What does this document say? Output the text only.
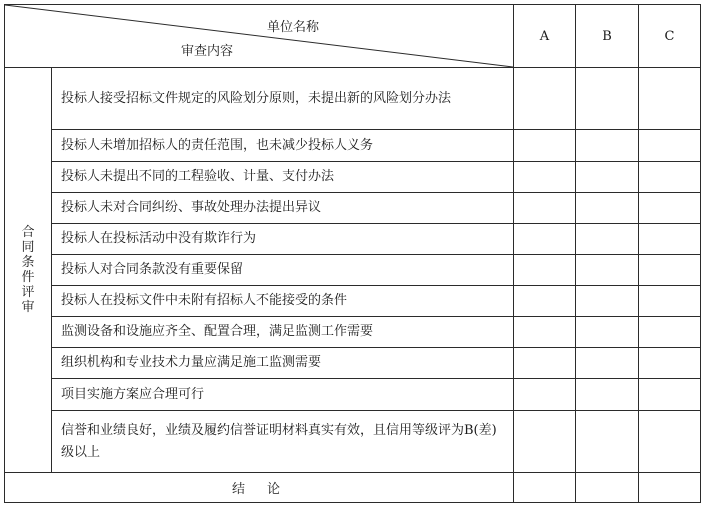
单位名称
审查内容		A	B	C
合同条件评审	投标人接受招标文件规定的风险划分原则，未提出新的风险划分办法			
	投标人未增加招标人的责任范围，也未减少投标人义务			
	投标人未提出不同的工程验收、计量、支付办法			
	投标人未对合同纠纷、事故处理办法提出异议			
	投标人在投标活动中没有欺诈行为			
	投标人对合同条款没有重要保留			
	投标人在投标文件中未附有招标人不能接受的条件			
	监测设备和设施应齐全、配置合理，满足监测工作需要			
	组织机构和专业技术力量应满足施工监测需要			
	项目实施方案应合理可行			
	信誉和业绩良好，业绩及履约信誉证明材料真实有效，且信用等级评为B(差)级以上			
结论				
